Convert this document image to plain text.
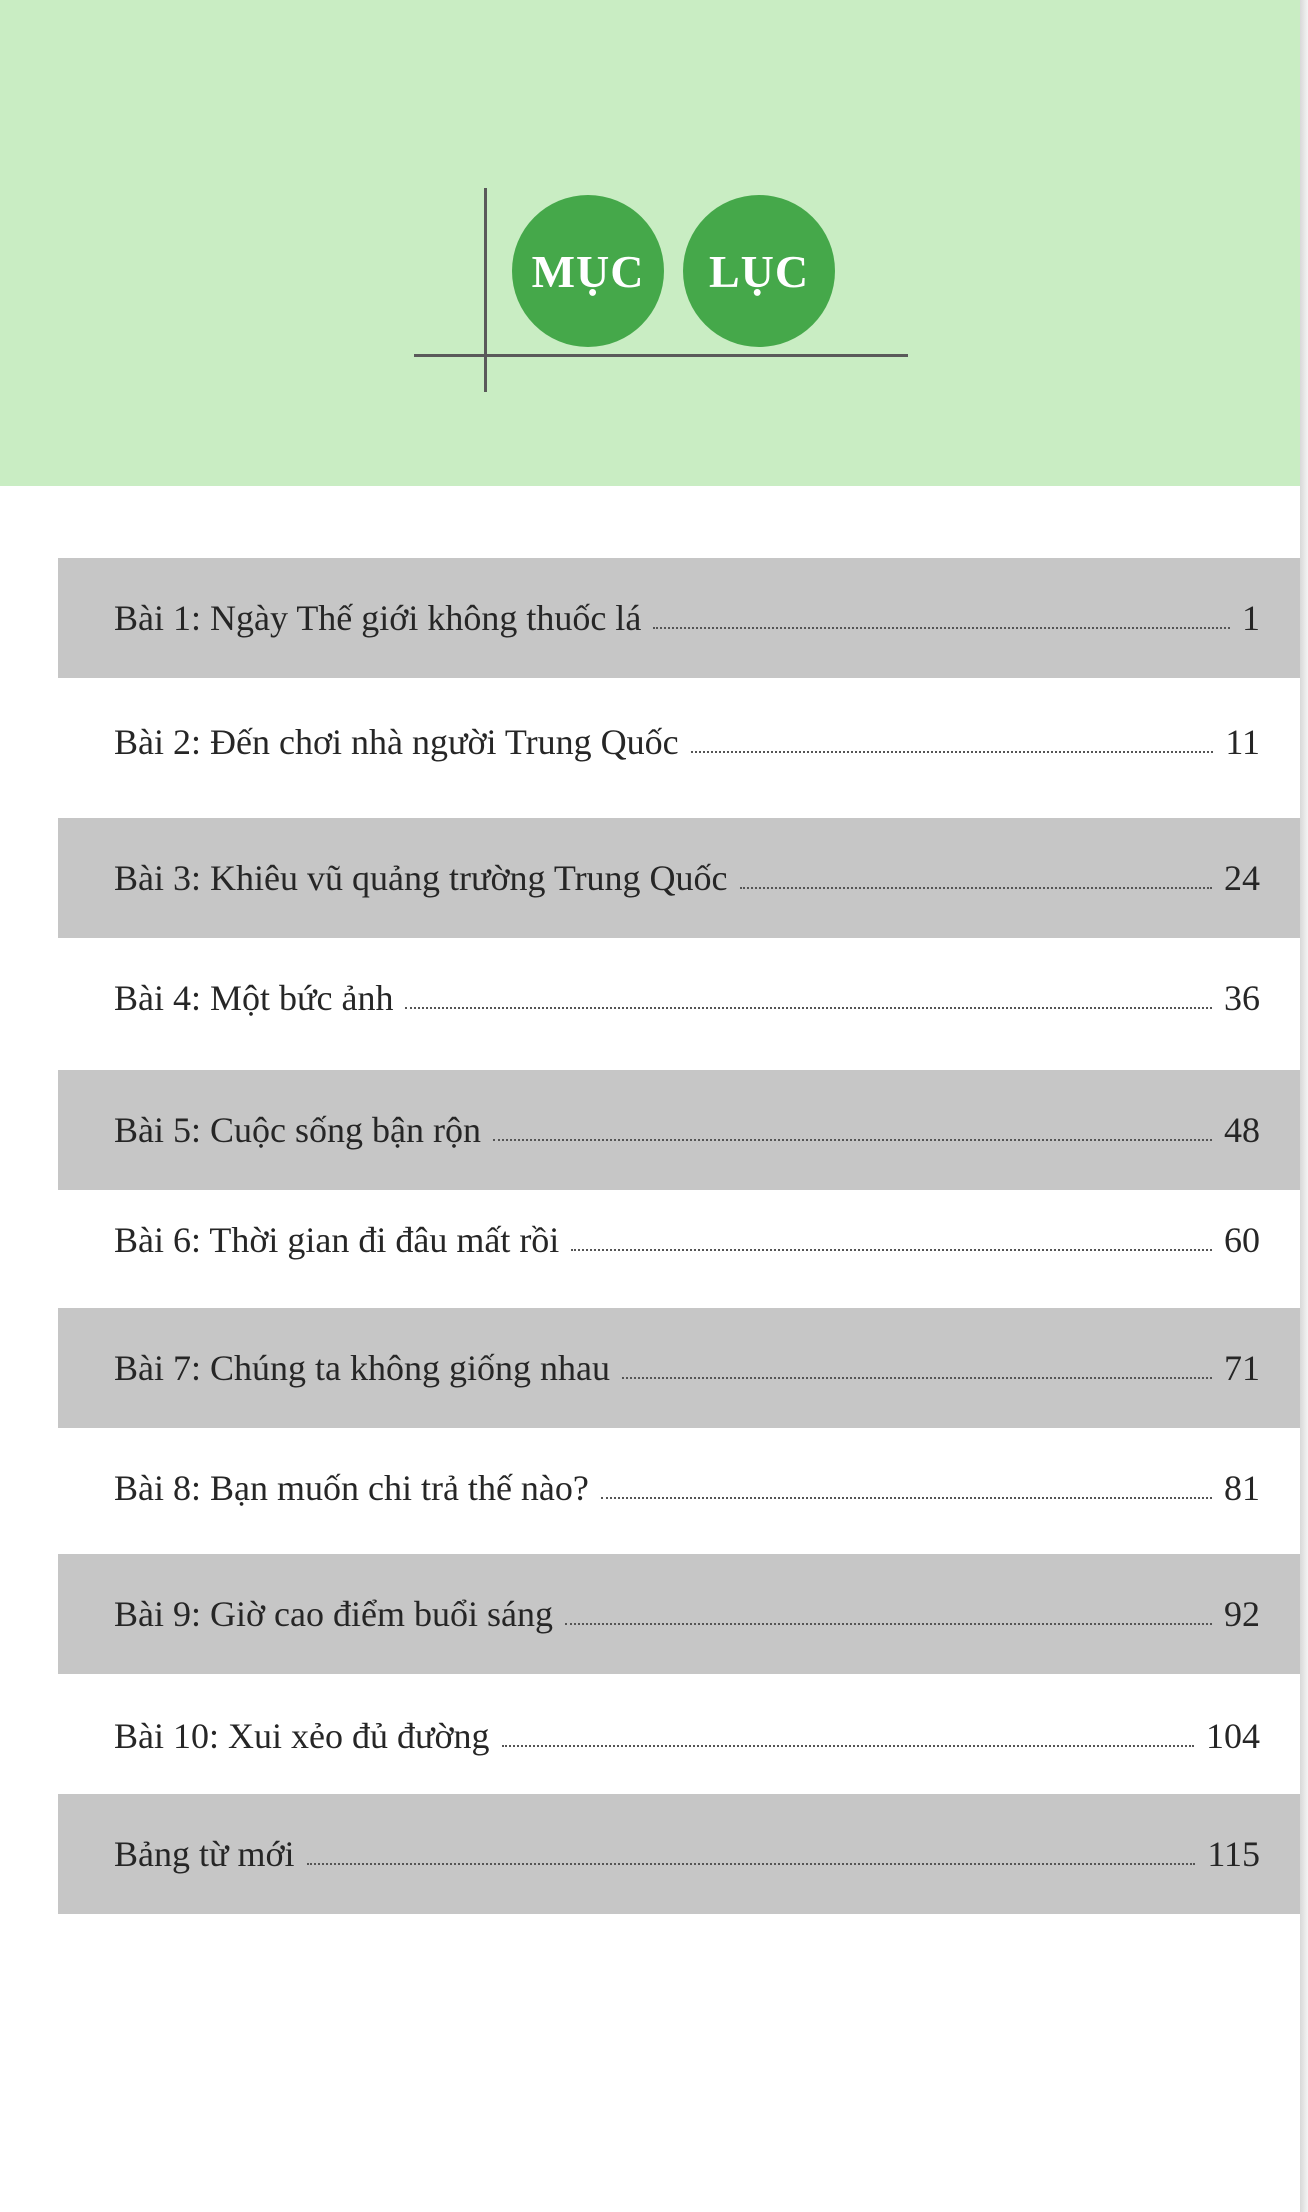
MỤC LỤC
Bài 1: Ngày Thế giới không thuốc lá	1
Bài 2: Đến chơi nhà người Trung Quốc	11
Bài 3: Khiêu vũ quảng trường Trung Quốc	24
Bài 4: Một bức ảnh	36
Bài 5: Cuộc sống bận rộn	48
Bài 6: Thời gian đi đâu mất rồi	60
Bài 7: Chúng ta không giống nhau	71
Bài 8: Bạn muốn chi trả thế nào?	81
Bài 9: Giờ cao điểm buổi sáng	92
Bài 10: Xui xẻo đủ đường	104
Bảng từ mới	115
